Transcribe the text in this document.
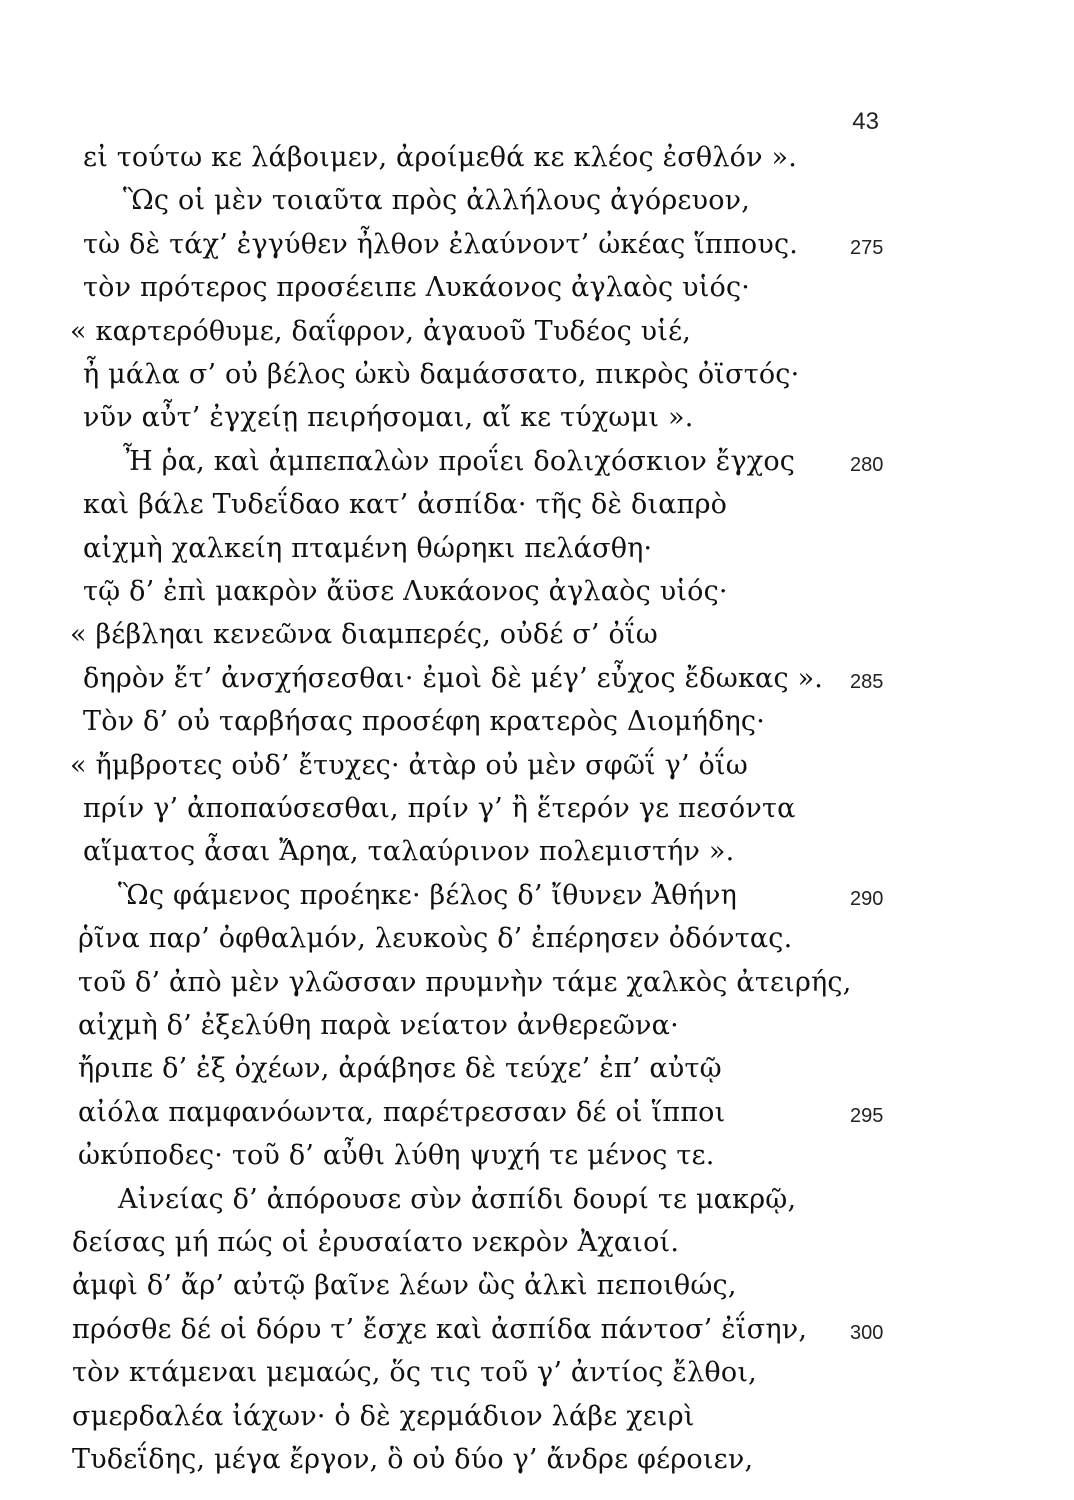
43
εἰ τούτω κε λάβοιμεν, ἀροίμεθά κε κλέος ἐσθλόν ».
Ὣς οἱ μὲν τοιαῦτα πρὸς ἀλλήλους ἀγόρευον,
τὼ δὲ τάχ’ ἐγγύθεν ἦλθον ἐλαύνοντ’ ὠκέας ἵππους.	275
τὸν πρότερος προσέειπε Λυκάονος ἀγλαὸς υἱός·
« καρτερόθυμε, δαΐφρον, ἀγαυοῦ Τυδέος υἱέ,
ἦ μάλα σ’ οὐ βέλος ὠκὺ δαμάσσατο, πικρὸς ὀϊστός·
νῦν αὖτ’ ἐγχείῃ πειρήσομαι, αἴ κε τύχωμι ».
Ἦ ῥα, καὶ ἀμπεπαλὼν προΐει δολιχόσκιον ἔγχος	280
καὶ βάλε Τυδεΐδαο κατ’ ἀσπίδα· τῆς δὲ διαπρὸ
αἰχμὴ χαλκείη πταμένη θώρηκι πελάσθη·
τῷ δ’ ἐπὶ μακρὸν ἄϋσε Λυκάονος ἀγλαὸς υἱός·
« βέβληαι κενεῶνα διαμπερές, οὐδέ σ’ ὀΐω
δηρὸν ἔτ’ ἀνσχήσεσθαι· ἐμοὶ δὲ μέγ’ εὖχος ἔδωκας ». 285
Τὸν δ’ οὐ ταρβήσας προσέφη κρατερὸς Διομήδης·
« ἤμβροτες οὐδ’ ἔτυχες· ἀτὰρ οὐ μὲν σφῶΐ γ’ ὀΐω
πρίν γ’ ἀποπαύσεσθαι, πρίν γ’ ἢ ἕτερόν γε πεσόντα
αἵματος ἆσαι Ἄρηα, ταλαύρινον πολεμιστήν ».
Ὣς φάμενος προέηκε· βέλος δ’ ἴθυνεν Ἀθήνη	290
ῥῖνα παρ’ ὀφθαλμόν, λευκοὺς δ’ ἐπέρησεν ὀδόντας.
τοῦ δ’ ἀπὸ μὲν γλῶσσαν πρυμνὴν τάμε χαλκὸς ἀτειρής,
αἰχμὴ δ’ ἐξελύθη παρὰ νείατον ἀνθερεῶνα·
ἤριπε δ’ ἐξ ὀχέων, ἀράβησε δὲ τεύχε’ ἐπ’ αὐτῷ
αἰόλα παμφανόωντα, παρέτρεσσαν δέ οἱ ἵπποι	295
ὠκύποδες· τοῦ δ’ αὖθι λύθη ψυχή τε μένος τε.
Αἰνείας δ’ ἀπόρουσε σὺν ἀσπίδι δουρί τε μακρῷ,
δείσας μή πώς οἱ ἐρυσαίατο νεκρὸν Ἀχαιοί.
ἀμφὶ δ’ ἄρ’ αὐτῷ βαῖνε λέων ὣς ἀλκὶ πεποιθώς,
πρόσθε δέ οἱ δόρυ τ’ ἔσχε καὶ ἀσπίδα πάντοσ’ ἐΐσην, 300
τὸν κτάμεναι μεμαώς, ὅς τις τοῦ γ’ ἀντίος ἔλθοι,
σμερδαλέα ἰάχων· ὁ δὲ χερμάδιον λάβε χειρὶ
Τυδεΐδης, μέγα ἔργον, ὃ οὐ δύο γ’ ἄνδρε φέροιεν,
